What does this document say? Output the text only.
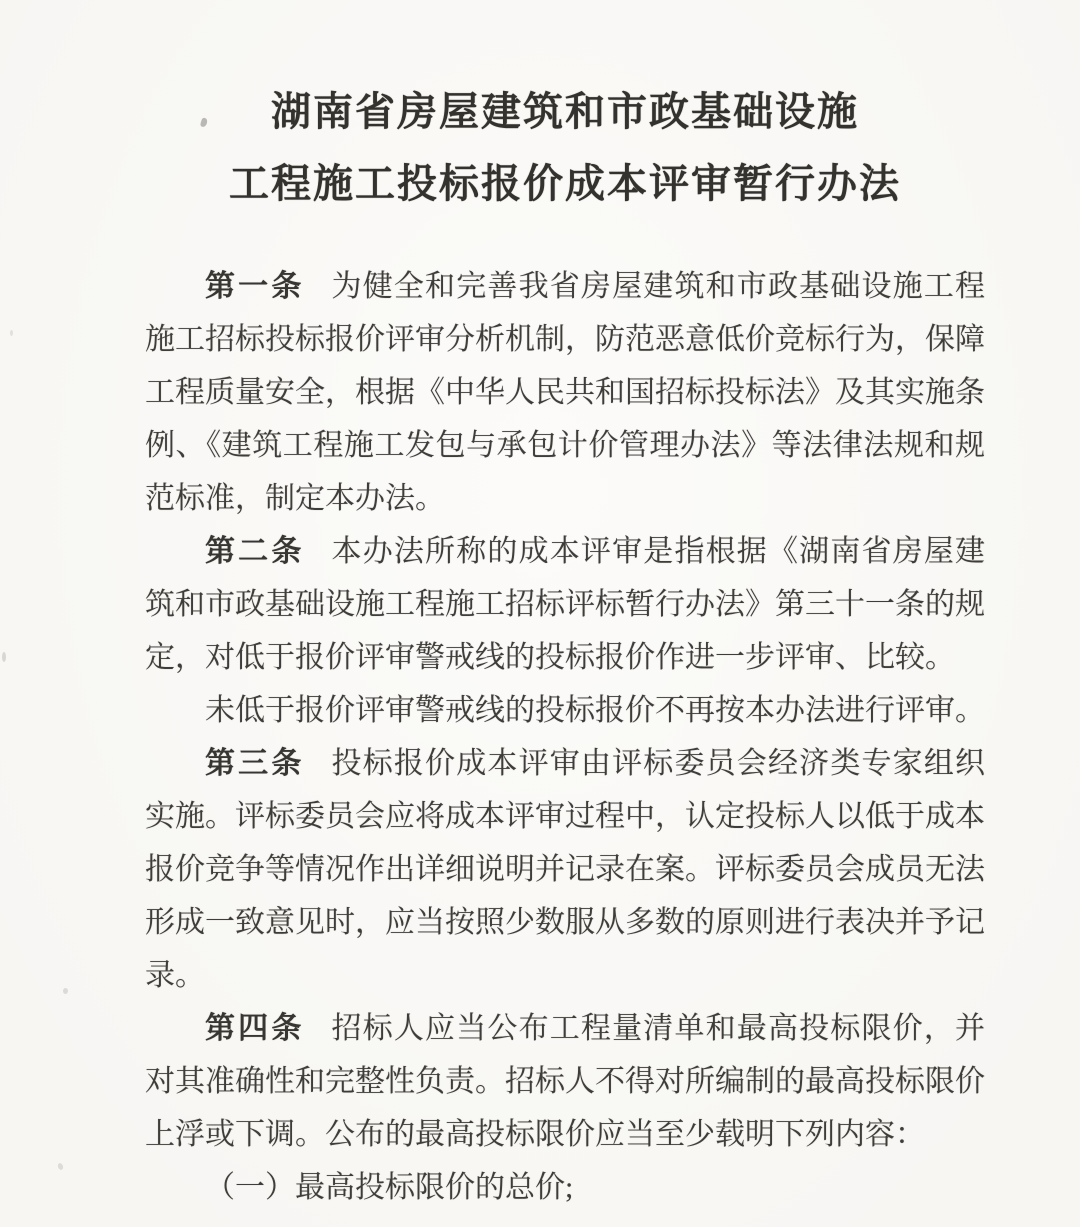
湖南省房屋建筑和市政基础设施
工程施工投标报价成本评审暂行办法

第一条 为健全和完善我省房屋建筑和市政基础设施工程施工招标投标报价评审分析机制，防范恶意低价竞标行为，保障工程质量安全，根据《中华人民共和国招标投标法》及其实施条例、《建筑工程施工发包与承包计价管理办法》等法律法规和规范标准，制定本办法。

第二条 本办法所称的成本评审是指根据《湖南省房屋建筑和市政基础设施工程施工招标评标暂行办法》第三十一条的规定，对低于报价评审警戒线的投标报价作进一步评审、比较。

未低于报价评审警戒线的投标报价不再按本办法进行评审。

第三条 投标报价成本评审由评标委员会经济类专家组织实施。评标委员会应将成本评审过程中，认定投标人以低于成本报价竞争等情况作出详细说明并记录在案。评标委员会成员无法形成一致意见时，应当按照少数服从多数的原则进行表决并予记录。

第四条 招标人应当公布工程量清单和最高投标限价，并对其准确性和完整性负责。招标人不得对所编制的最高投标限价上浮或下调。公布的最高投标限价应当至少载明下列内容：

（一）最高投标限价的总价;
